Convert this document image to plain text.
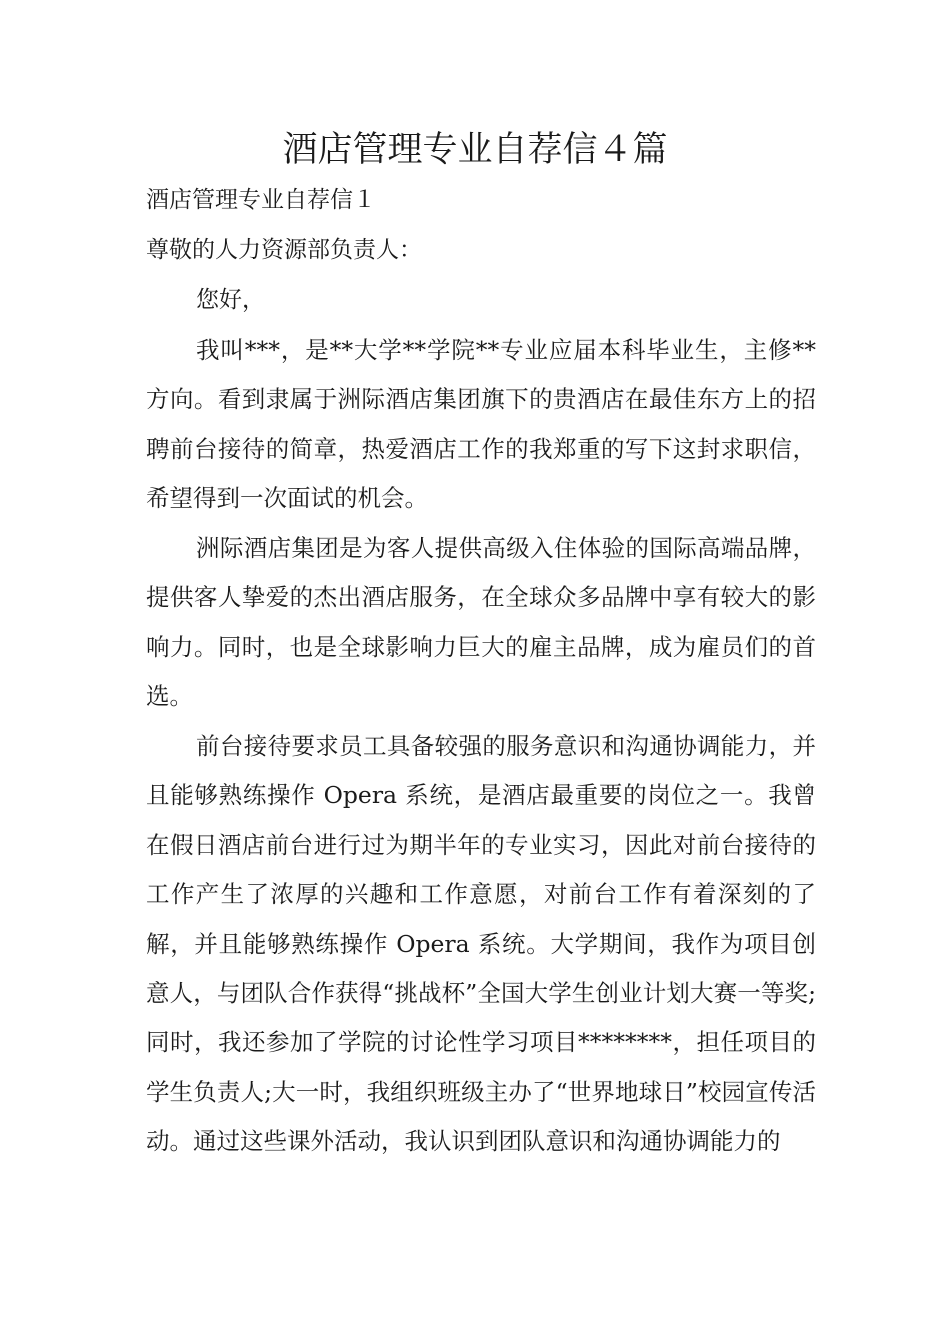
酒店管理专业自荐信４篇

酒店管理专业自荐信１

尊敬的人力资源部负责人：

您好，

我叫***，是**大学**学院**专业应届本科毕业生，主修**方向。看到隶属于洲际酒店集团旗下的贵酒店在最佳东方上的招聘前台接待的简章，热爱酒店工作的我郑重的写下这封求职信，希望得到一次面试的机会。

洲际酒店集团是为客人提供高级入住体验的国际高端品牌，提供客人挚爱的杰出酒店服务，在全球众多品牌中享有较大的影响力。同时，也是全球影响力巨大的雇主品牌，成为雇员们的首选。

前台接待要求员工具备较强的服务意识和沟通协调能力，并且能够熟练操作 Opera 系统，是酒店最重要的岗位之一。我曾在假日酒店前台进行过为期半年的专业实习，因此对前台接待的工作产生了浓厚的兴趣和工作意愿，对前台工作有着深刻的了解，并且能够熟练操作 Opera 系统。大学期间，我作为项目创意人，与团队合作获得“挑战杯”全国大学生创业计划大赛一等奖;同时，我还参加了学院的讨论性学习项目********，担任项目的学生负责人;大一时，我组织班级主办了“世界地球日”校园宣传活动。通过这些课外活动，我认识到团队意识和沟通协调能力的
